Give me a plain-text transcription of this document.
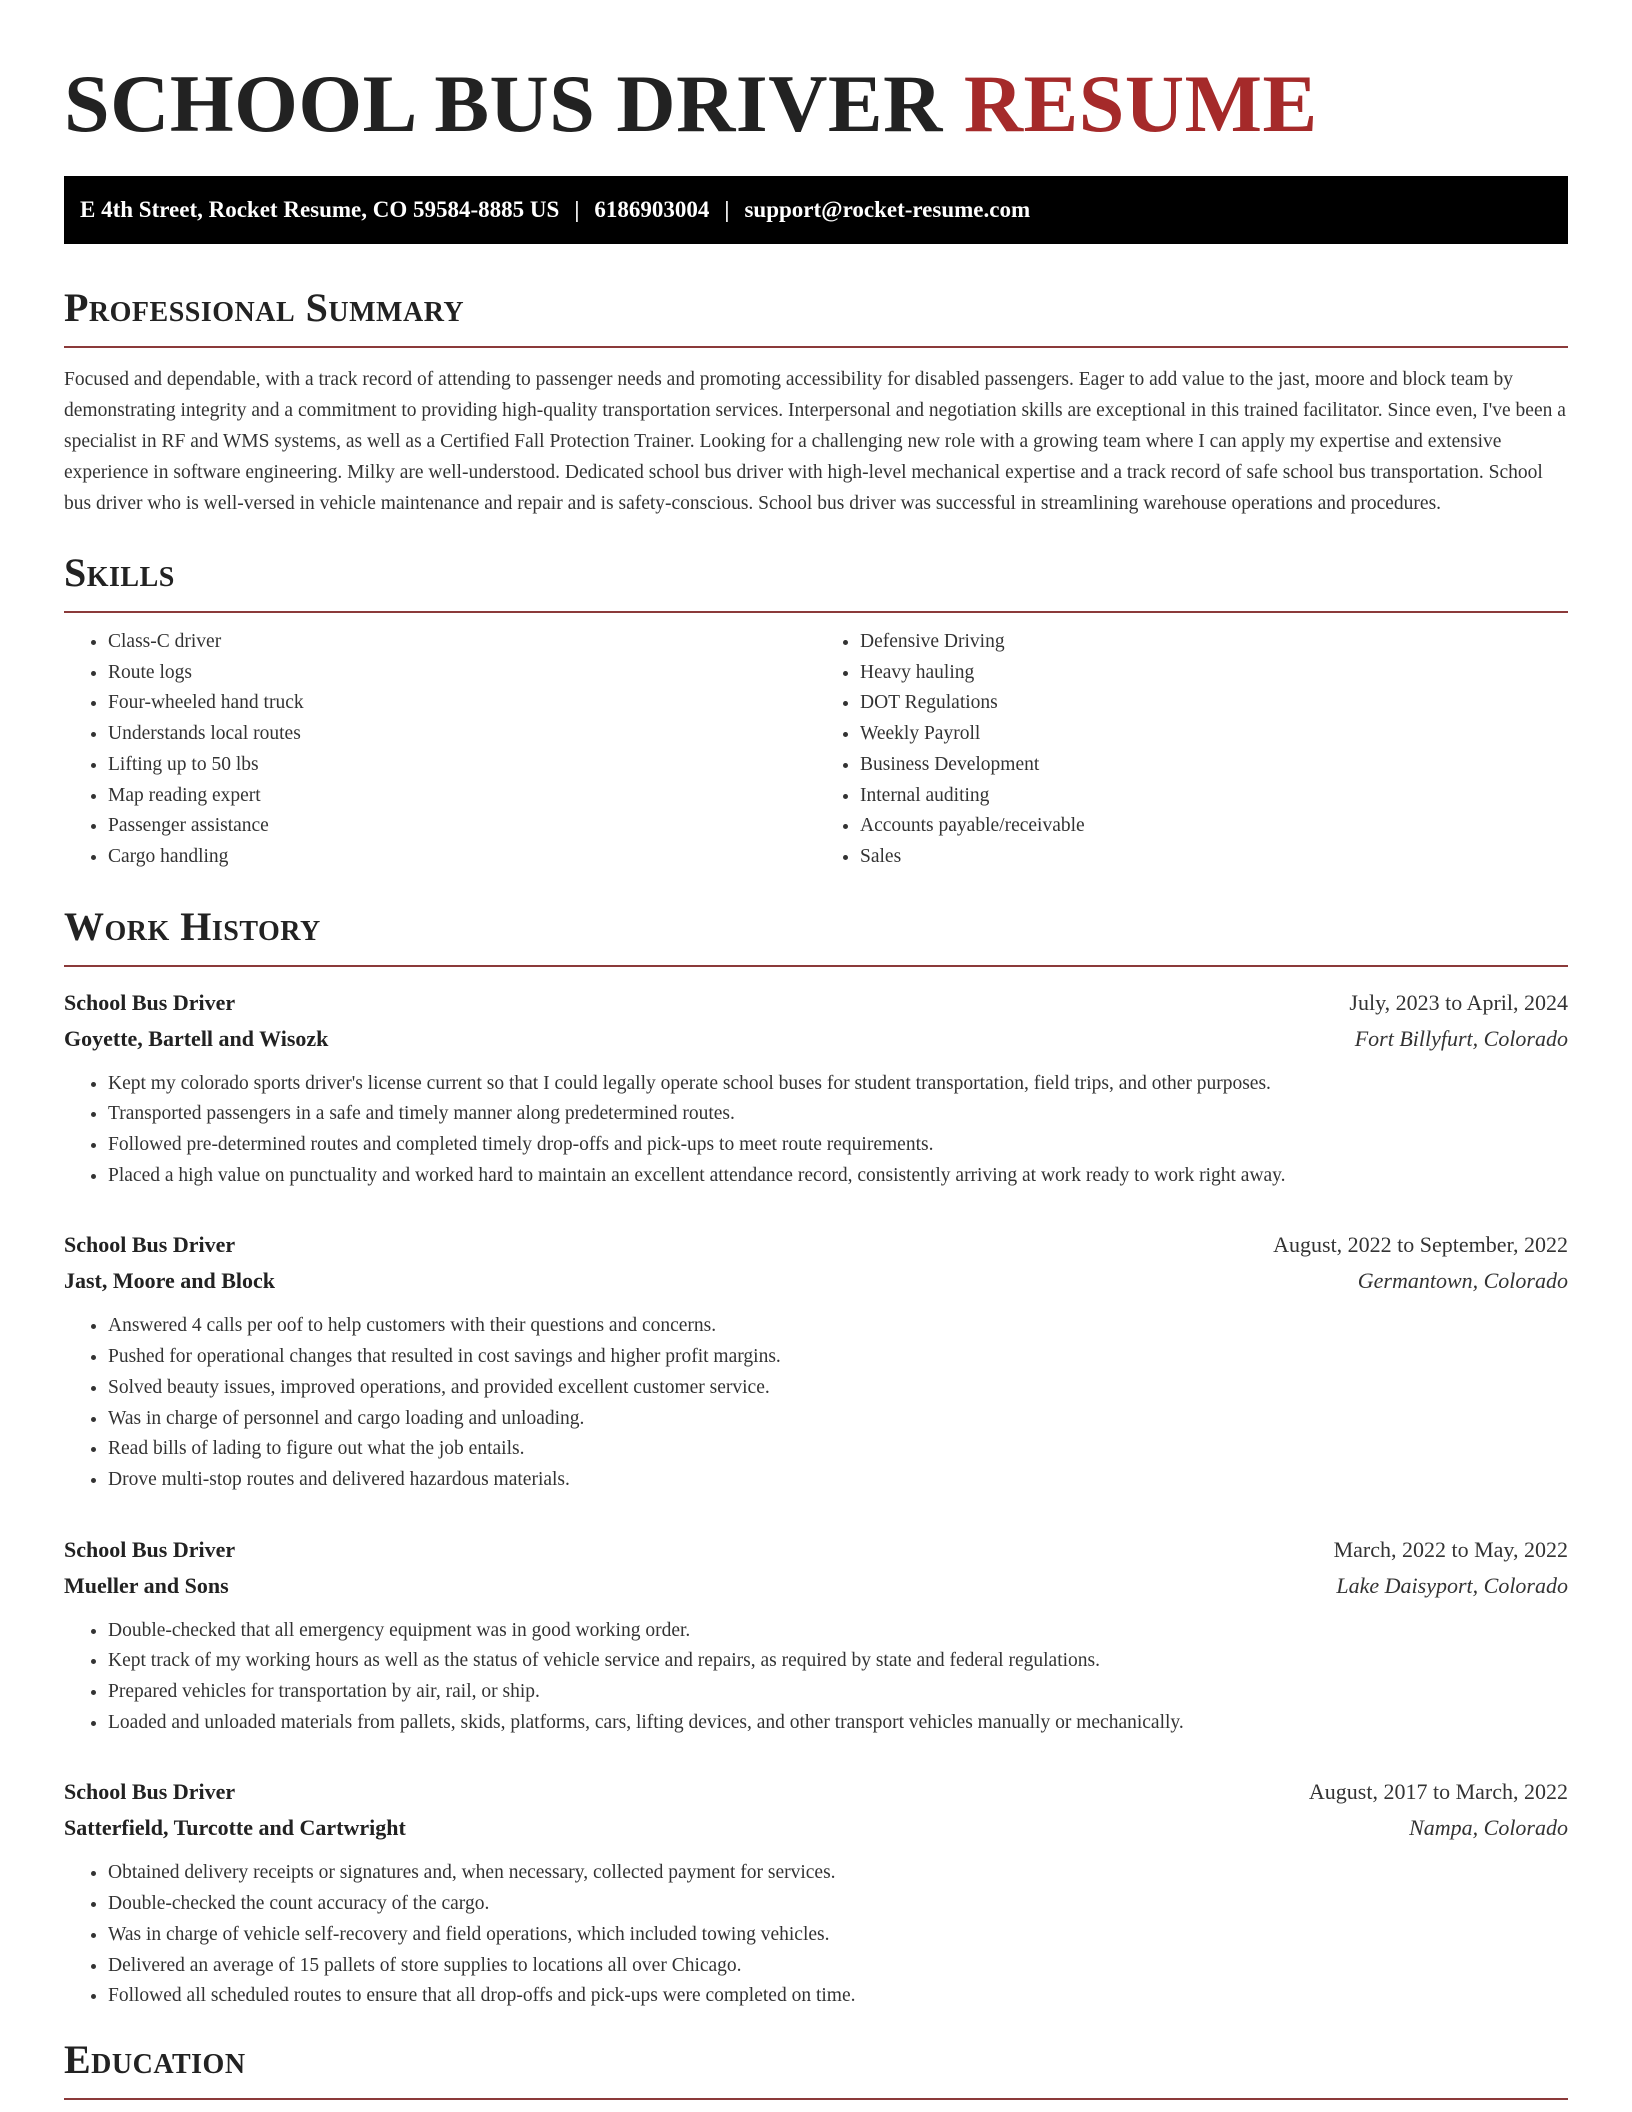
SCHOOL BUS DRIVER RESUME
E 4th Street, Rocket Resume, CO 59584-8885 US | 6186903004 | support@rocket-resume.com
Professional Summary

Focused and dependable, with a track record of attending to passenger needs and promoting accessibility for disabled passengers. Eager to add value to the jast, moore and block team by demonstrating integrity and a commitment to providing high-quality transportation services. Interpersonal and negotiation skills are exceptional in this trained facilitator. Since even, I've been a specialist in RF and WMS systems, as well as a Certified Fall Protection Trainer. Looking for a challenging new role with a growing team where I can apply my expertise and extensive experience in software engineering. Milky are well-understood. Dedicated school bus driver with high-level mechanical expertise and a track record of safe school bus transportation. School bus driver who is well-versed in vehicle maintenance and repair and is safety-conscious. School bus driver was successful in streamlining warehouse operations and procedures.

Skills
• Class-C driver
• Route logs
• Four-wheeled hand truck
• Understands local routes
• Lifting up to 50 lbs
• Map reading expert
• Passenger assistance
• Cargo handling
• Defensive Driving
• Heavy hauling
• DOT Regulations
• Weekly Payroll
• Business Development
• Internal auditing
• Accounts payable/receivable
• Sales
Work History
School Bus Driver	July, 2023 to April, 2024
Goyette, Bartell and Wisozk	Fort Billyfurt, Colorado
• Kept my colorado sports driver's license current so that I could legally operate school buses for student transportation, field trips, and other purposes.
• Transported passengers in a safe and timely manner along predetermined routes.
• Followed pre-determined routes and completed timely drop-offs and pick-ups to meet route requirements.
• Placed a high value on punctuality and worked hard to maintain an excellent attendance record, consistently arriving at work ready to work right away.
School Bus Driver	August, 2022 to September, 2022
Jast, Moore and Block	Germantown, Colorado
• Answered 4 calls per oof to help customers with their questions and concerns.
• Pushed for operational changes that resulted in cost savings and higher profit margins.
• Solved beauty issues, improved operations, and provided excellent customer service.
• Was in charge of personnel and cargo loading and unloading.
• Read bills of lading to figure out what the job entails.
• Drove multi-stop routes and delivered hazardous materials.
School Bus Driver	March, 2022 to May, 2022
Mueller and Sons	Lake Daisyport, Colorado
• Double-checked that all emergency equipment was in good working order.
• Kept track of my working hours as well as the status of vehicle service and repairs, as required by state and federal regulations.
• Prepared vehicles for transportation by air, rail, or ship.
• Loaded and unloaded materials from pallets, skids, platforms, cars, lifting devices, and other transport vehicles manually or mechanically.
School Bus Driver	August, 2017 to March, 2022
Satterfield, Turcotte and Cartwright	Nampa, Colorado
• Obtained delivery receipts or signatures and, when necessary, collected payment for services.
• Double-checked the count accuracy of the cargo.
• Was in charge of vehicle self-recovery and field operations, which included towing vehicles.
• Delivered an average of 15 pallets of store supplies to locations all over Chicago.
• Followed all scheduled routes to ensure that all drop-offs and pick-ups were completed on time.
Education
